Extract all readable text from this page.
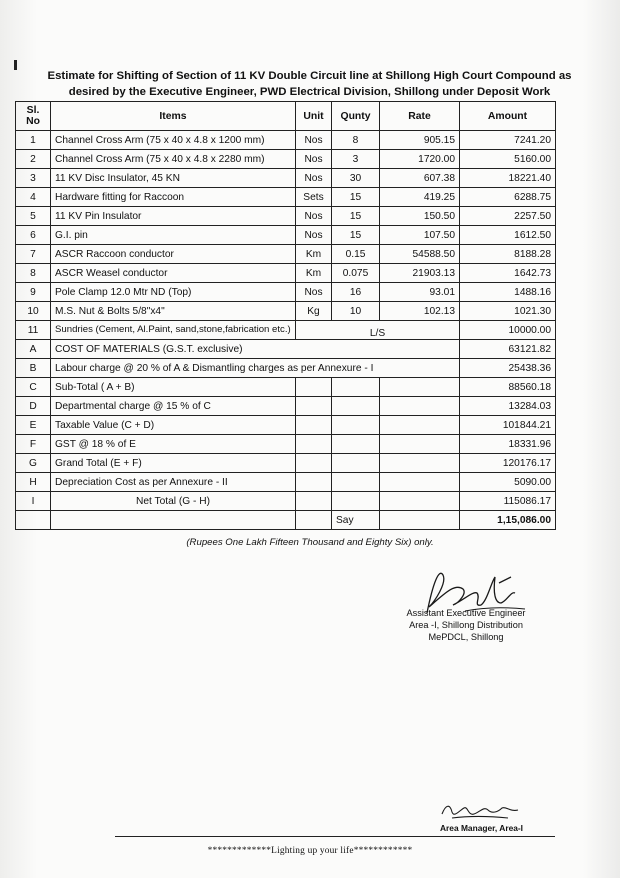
Estimate for Shifting of Section of 11 KV Double Circuit line at Shillong High Court Compound as
desired by the Executive Engineer, PWD Electrical Division, Shillong under Deposit Work
Sl. No	Items	Unit	Qunty	Rate	Amount
1	Channel Cross Arm (75 x 40 x 4.8 x 1200 mm)	Nos	8	905.15	7241.20
2	Channel Cross Arm (75 x 40 x 4.8 x 2280 mm)	Nos	3	1720.00	5160.00
3	11 KV Disc Insulator, 45 KN	Nos	30	607.38	18221.40
4	Hardware fitting for Raccoon	Sets	15	419.25	6288.75
5	11 KV Pin Insulator	Nos	15	150.50	2257.50
6	G.I. pin	Nos	15	107.50	1612.50
7	ASCR Raccoon conductor	Km	0.15	54588.50	8188.28
8	ASCR Weasel conductor	Km	0.075	21903.13	1642.73
9	Pole Clamp 12.0 Mtr ND (Top)	Nos	16	93.01	1488.16
10	M.S. Nut & Bolts 5/8"x4"	Kg	10	102.13	1021.30
11	Sundries (Cement, Al.Paint, sand,stone,fabrication etc.)	L/S			10000.00
A	COST OF MATERIALS (G.S.T. exclusive)				63121.82
B	Labour charge @ 20 % of A & Dismantling charges as per Annexure - I				25438.36
C	Sub-Total ( A + B)				88560.18
D	Departmental charge @ 15 % of C				13284.03
E	Taxable Value (C + D)				101844.21
F	GST @ 18 % of E				18331.96
G	Grand Total (E + F)				120176.17
H	Depreciation Cost as per Annexure - II				5090.00
I	Net Total (G - H)				115086.17
			Say		1,15,086.00
(Rupees One Lakh Fifteen Thousand and Eighty Six) only.
Assistant Executive Engineer
Area -I, Shillong Distribution
MePDCL, Shillong
Area Manager, Area-I
*************Lighting up your life************
